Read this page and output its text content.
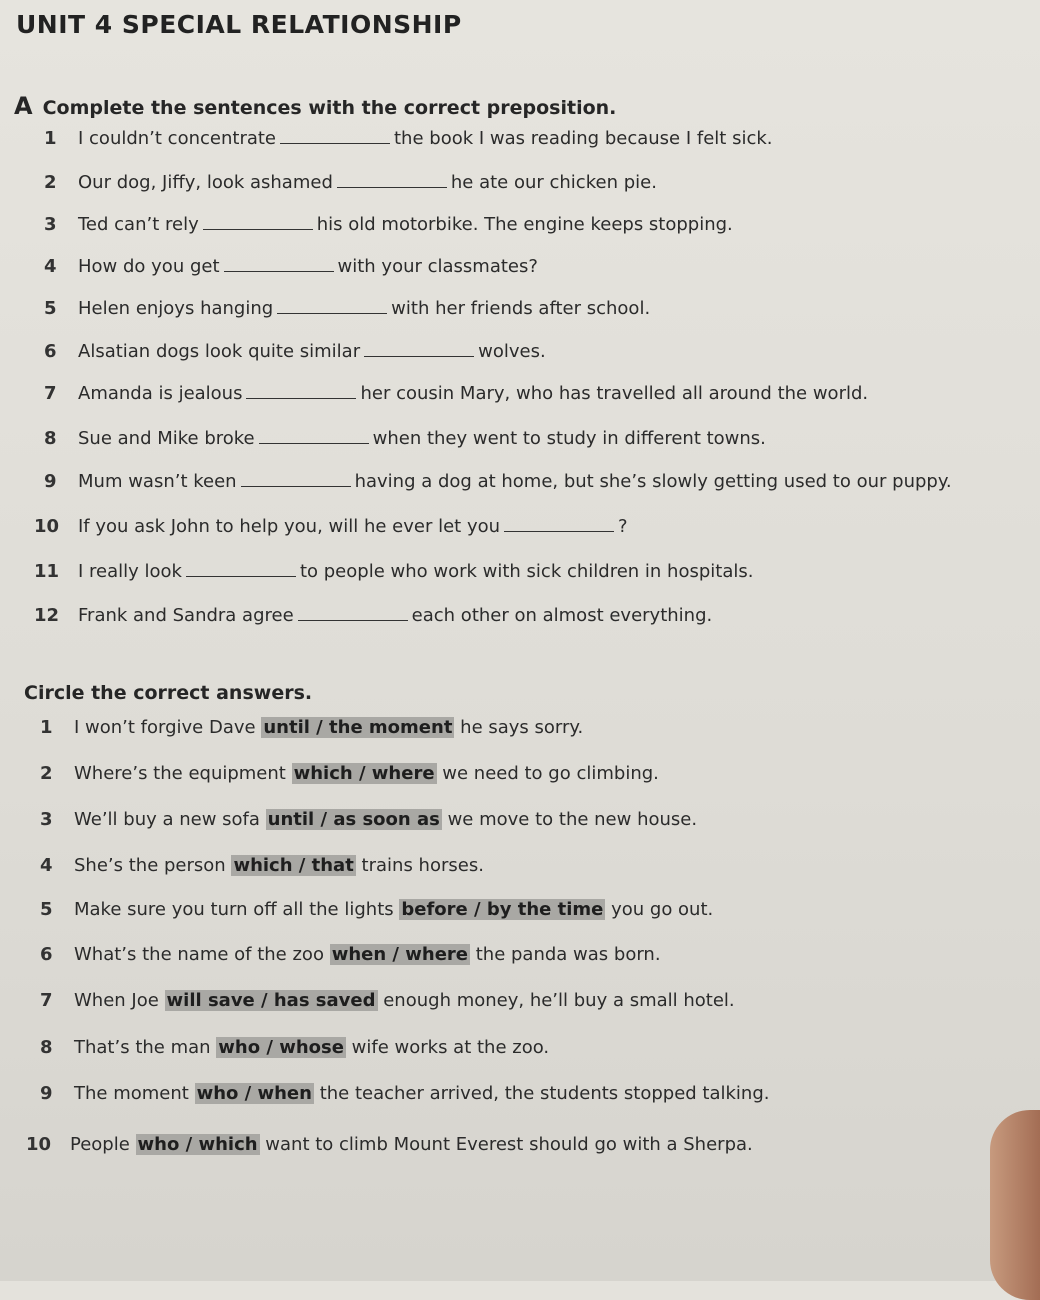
UNIT 4 SPECIAL RELATIONSHIP
A Complete the sentences with the correct preposition.
1 I couldn’t concentrate	the book I was reading because I felt sick.
2 Our dog, Jiffy, look ashamed	he ate our chicken pie.
3 Ted can’t rely	his old motorbike. The engine keeps stopping.
4 How do you get	with your classmates?
5 Helen enjoys hanging	with her friends after school.
6 Alsatian dogs look quite similar	wolves.
7 Amanda is jealous	her cousin Mary, who has travelled all around the world.
8 Sue and Mike broke	when they went to study in different towns.
9 Mum wasn’t keen	having a dog at home, but she’s slowly getting used to our puppy.
10 If you ask John to help you, will he ever let you	?
11 I really look	to people who work with sick children in hospitals.
12 Frank and Sandra agree	each other on almost everything.
Circle the correct answers.
1 I won’t forgive Dave until / the moment he says sorry.
2 Where’s the equipment which / where we need to go climbing.
3 We’ll buy a new sofa until / as soon as we move to the new house.
4 She’s the person which / that trains horses.
5 Make sure you turn off all the lights before / by the time you go out.
6 What’s the name of the zoo when / where the panda was born.
7 When Joe will save / has saved enough money, he’ll buy a small hotel.
8 That’s the man who / whose wife works at the zoo.
9 The moment who / when the teacher arrived, the students stopped talking.
10 People who / which want to climb Mount Everest should go with a Sherpa.
